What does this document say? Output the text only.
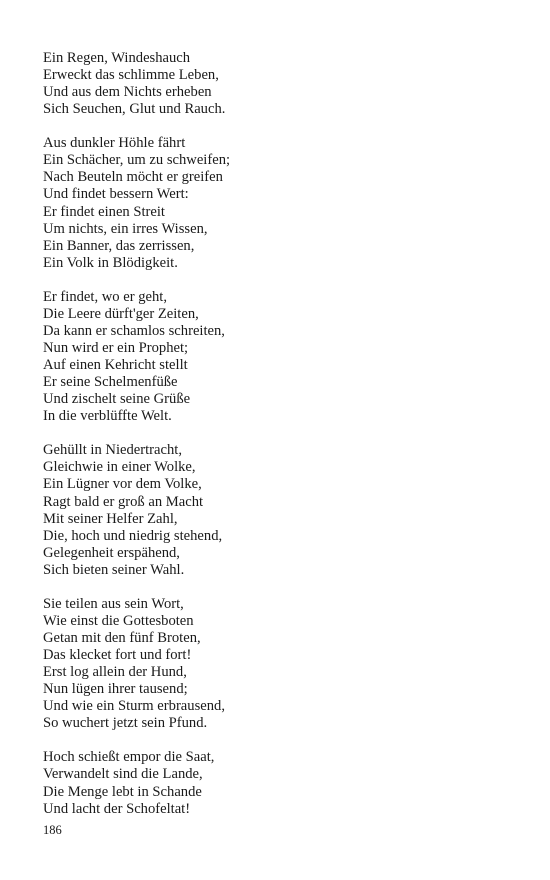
Ein Regen, Windeshauch
Erweckt das schlimme Leben,
Und aus dem Nichts erheben
Sich Seuchen, Glut und Rauch.
Aus dunkler Höhle fährt
Ein Schächer, um zu schweifen;
Nach Beuteln möcht er greifen
Und findet bessern Wert:
Er findet einen Streit
Um nichts, ein irres Wissen,
Ein Banner, das zerrissen,
Ein Volk in Blödigkeit.
Er findet, wo er geht,
Die Leere dürft'ger Zeiten,
Da kann er schamlos schreiten,
Nun wird er ein Prophet;
Auf einen Kehricht stellt
Er seine Schelmenfüße
Und zischelt seine Grüße
In die verblüffte Welt.
Gehüllt in Niedertracht,
Gleichwie in einer Wolke,
Ein Lügner vor dem Volke,
Ragt bald er groß an Macht
Mit seiner Helfer Zahl,
Die, hoch und niedrig stehend,
Gelegenheit erspähend,
Sich bieten seiner Wahl.
Sie teilen aus sein Wort,
Wie einst die Gottesboten
Getan mit den fünf Broten,
Das klecket fort und fort!
Erst log allein der Hund,
Nun lügen ihrer tausend;
Und wie ein Sturm erbrausend,
So wuchert jetzt sein Pfund.
Hoch schießt empor die Saat,
Verwandelt sind die Lande,
Die Menge lebt in Schande
Und lacht der Schofeltat!
186
